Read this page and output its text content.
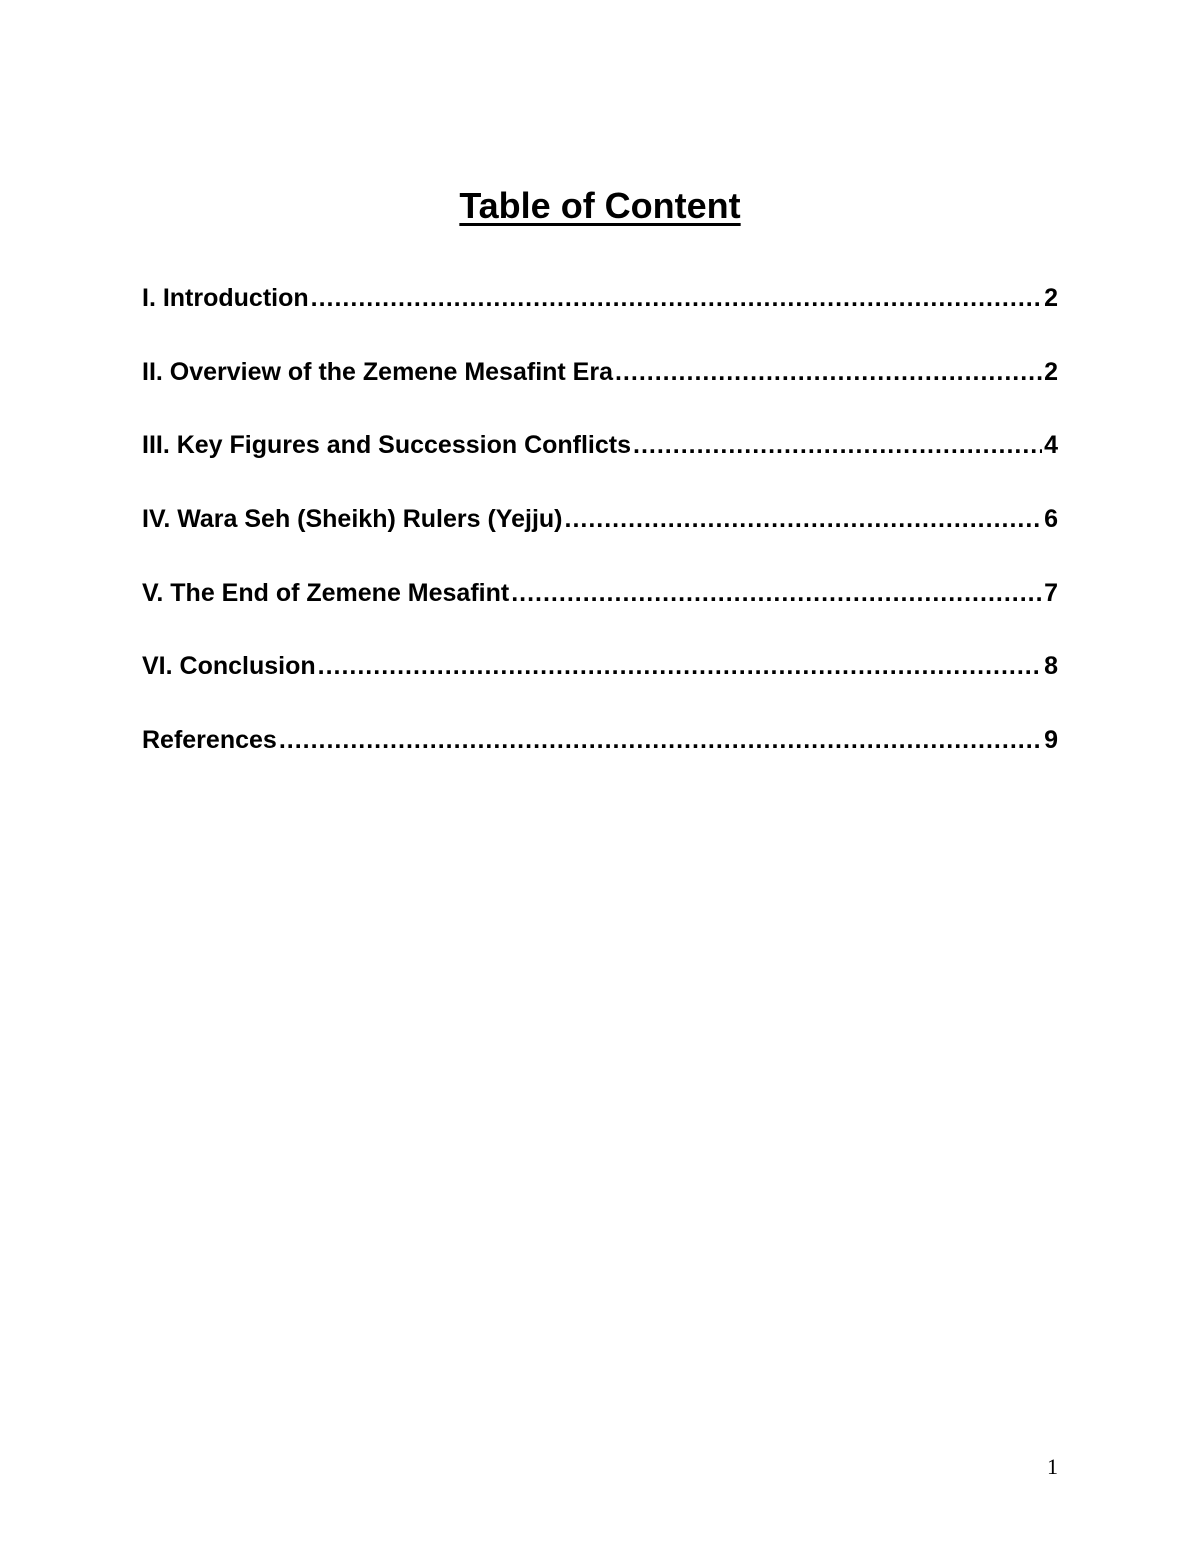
Table of Content
I. Introduction .....	2
II. Overview of the Zemene Mesafint Era .....	2
III. Key Figures and Succession Conflicts .....	4
IV. Wara Seh (Sheikh) Rulers (Yejju) .....	6
V. The End of Zemene Mesafint .....	7
VI. Conclusion .....	8
References .....	9
1
